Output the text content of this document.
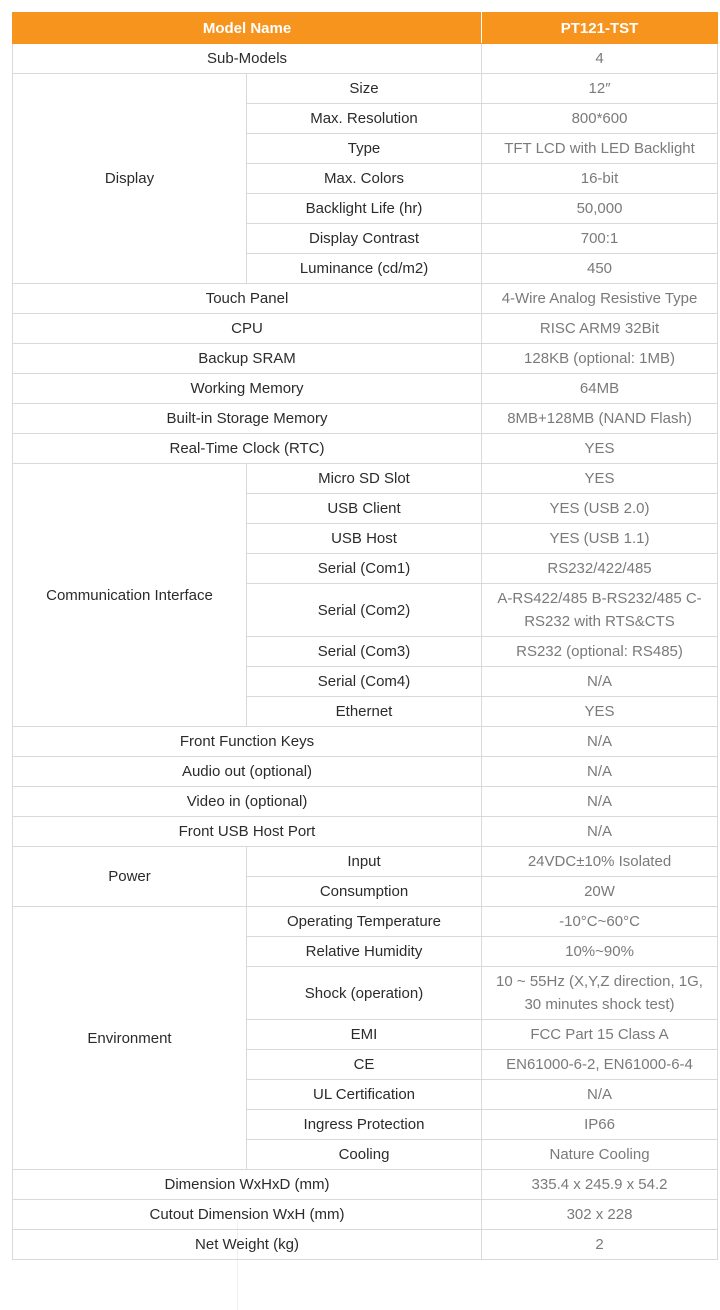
Model Name		PT121-TST
Sub-Models		4
Display	Size	12″
	Max. Resolution	800*600
	Type	TFT LCD with LED Backlight
	Max. Colors	16-bit
	Backlight Life (hr)	50,000
	Display Contrast	700:1
	Luminance (cd/m2)	450
Touch Panel		4-Wire Analog Resistive Type
CPU		RISC ARM9 32Bit
Backup SRAM		128KB (optional: 1MB)
Working Memory		64MB
Built-in Storage Memory		8MB+128MB (NAND Flash)
Real-Time Clock (RTC)		YES
Communication Interface	Micro SD Slot	YES
	USB Client	YES (USB 2.0)
	USB Host	YES (USB 1.1)
	Serial (Com1)	RS232/422/485
	Serial (Com2)	A-RS422/485 B-RS232/485 C-RS232 with RTS&CTS
	Serial (Com3)	RS232 (optional: RS485)
	Serial (Com4)	N/A
	Ethernet	YES
Front Function Keys		N/A
Audio out (optional)		N/A
Video in (optional)		N/A
Front USB Host Port		N/A
Power	Input	24VDC±10% Isolated
	Consumption	20W
Environment	Operating Temperature	-10°C~60°C
	Relative Humidity	10%~90%
	Shock (operation)	10 ~ 55Hz (X,Y,Z direction, 1G, 30 minutes shock test)
	EMI	FCC Part 15 Class A
	CE	EN61000-6-2, EN61000-6-4
	UL Certification	N/A
	Ingress Protection	IP66
	Cooling	Nature Cooling
Dimension WxHxD (mm)		335.4 x 245.9 x 54.2
Cutout Dimension WxH (mm)		302 x 228
Net Weight (kg)		2
